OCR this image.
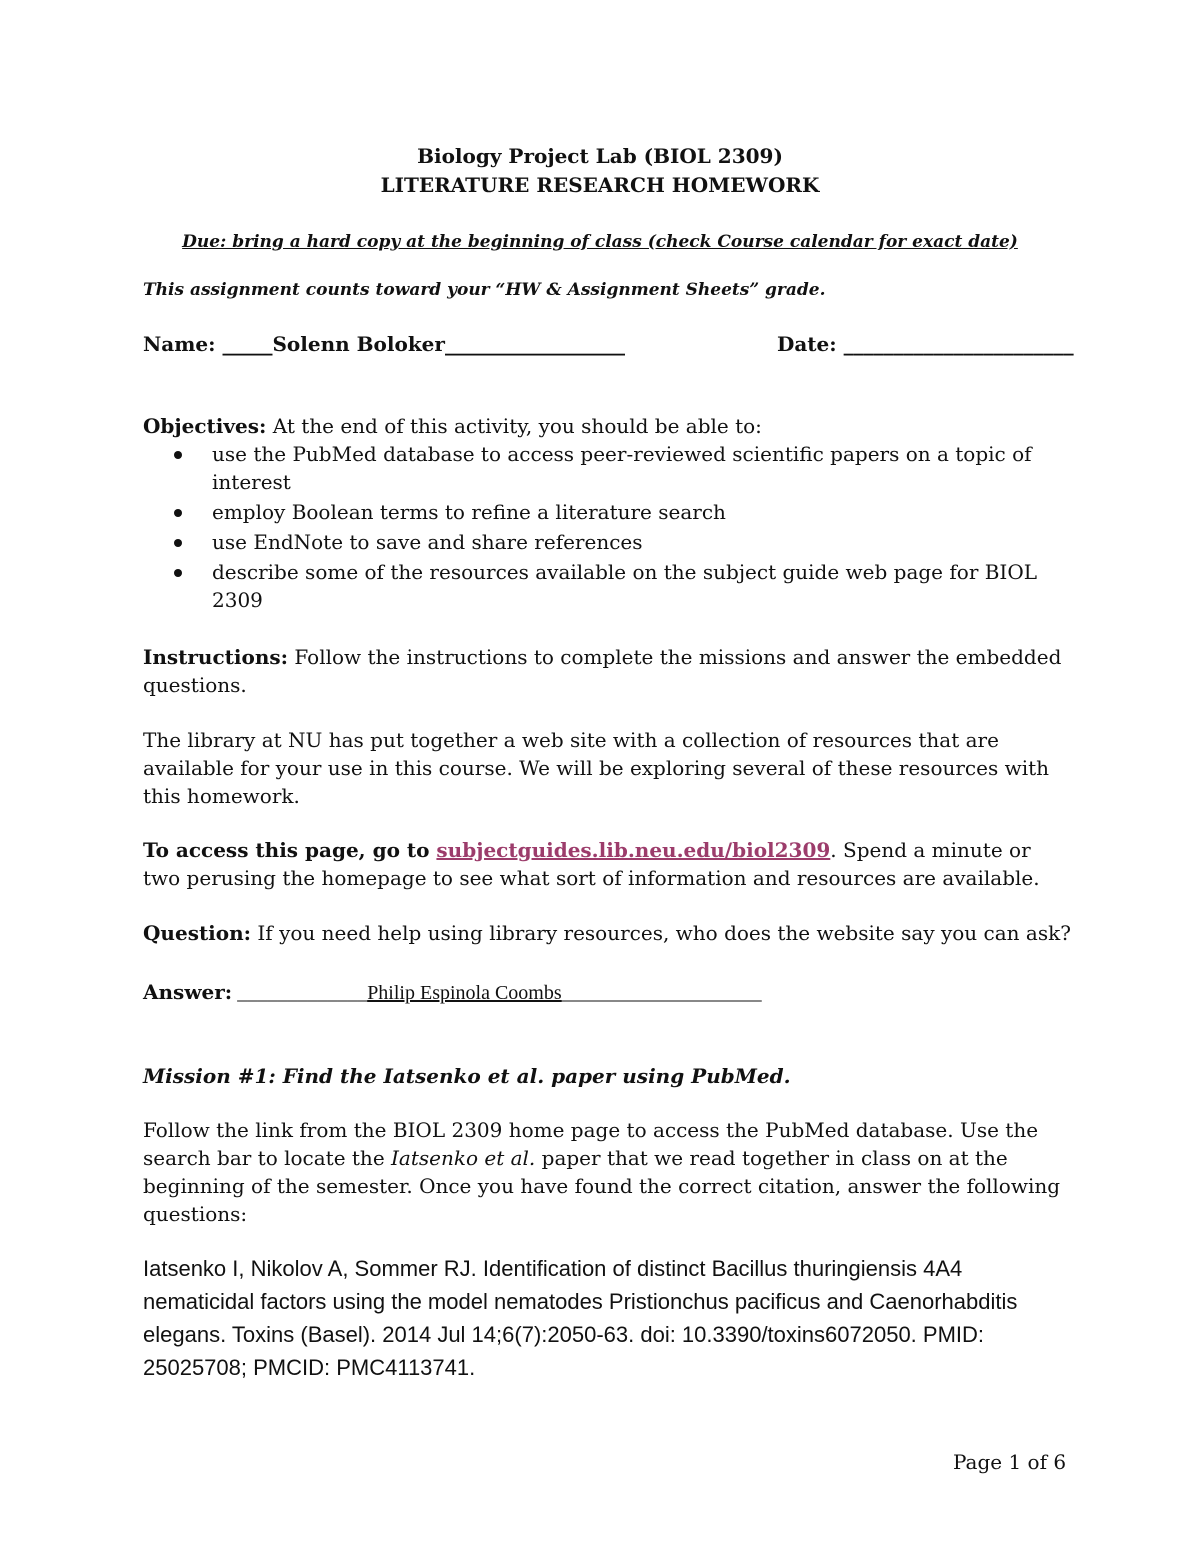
Biology Project Lab (BIOL 2309)

LITERATURE RESEARCH HOMEWORK

Due: bring a hard copy at the beginning of class (check Course calendar for exact date)

This assignment counts toward your “HW & Assignment Sheets” grade.

Name: _____Solenn Boloker__________________	Date: _______________________

Objectives: At the end of this activity, you should be able to:

use the PubMed database to access peer-reviewed scientific papers on a topic of interest
employ Boolean terms to refine a literature search
use EndNote to save and share references
describe some of the resources available on the subject guide web page for BIOL 2309

Instructions: Follow the instructions to complete the missions and answer the embedded questions.

The library at NU has put together a web site with a collection of resources that are available for your use in this course. We will be exploring several of these resources with this homework.

To access this page, go to subjectguides.lib.neu.edu/biol2309. Spend a minute or two perusing the homepage to see what sort of information and resources are available.

Question: If you need help using library resources, who does the website say you can ask?

Answer: _____________Philip Espinola Coombs____________________

Mission #1: Find the Iatsenko et al. paper using PubMed.

Follow the link from the BIOL 2309 home page to access the PubMed database. Use the search bar to locate the Iatsenko et al. paper that we read together in class on at the beginning of the semester. Once you have found the correct citation, answer the following questions:

Iatsenko I, Nikolov A, Sommer RJ. Identification of distinct Bacillus thuringiensis 4A4 nematicidal factors using the model nematodes Pristionchus pacificus and Caenorhabditis elegans. Toxins (Basel). 2014 Jul 14;6(7):2050-63. doi: 10.3390/toxins6072050. PMID: 25025708; PMCID: PMC4113741.

Page 1 of 6
